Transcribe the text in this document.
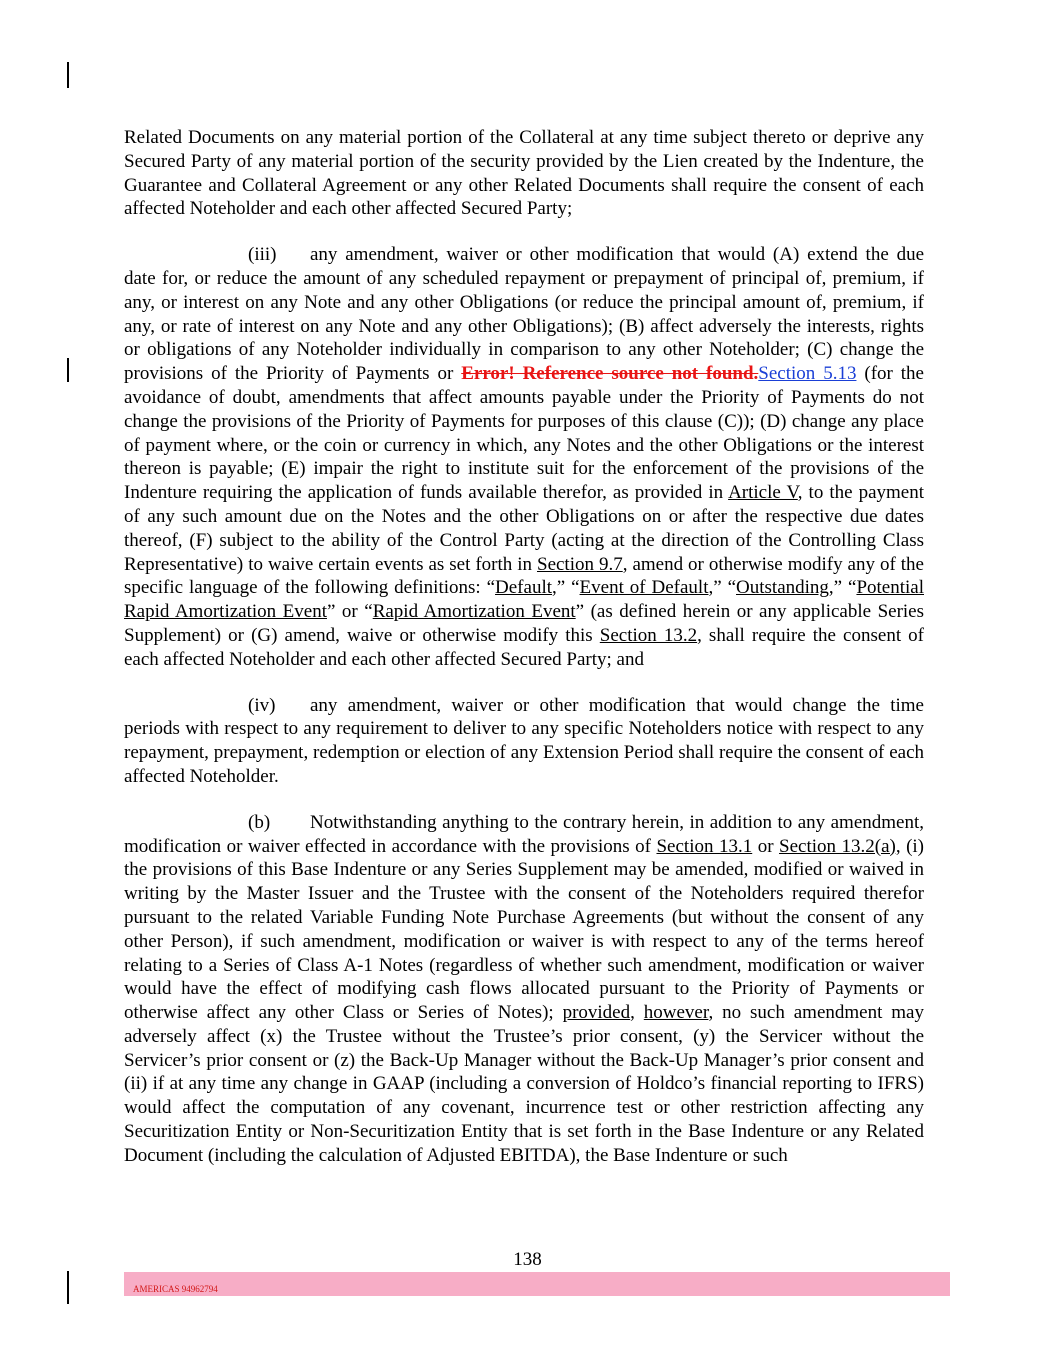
Related Documents on any material portion of the Collateral at any time subject thereto or deprive any Secured Party of any material portion of the security provided by the Lien created by the Indenture, the Guarantee and Collateral Agreement or any other Related Documents shall require the consent of each affected Noteholder and each other affected Secured Party;

(iii) any amendment, waiver or other modification that would (A) extend the due date for, or reduce the amount of any scheduled repayment or prepayment of principal of, premium, if any, or interest on any Note and any other Obligations (or reduce the principal amount of, premium, if any, or rate of interest on any Note and any other Obligations); (B) affect adversely the interests, rights or obligations of any Noteholder individually in comparison to any other Noteholder; (C) change the provisions of the Priority of Payments or Error! Reference source not found.Section 5.13 (for the avoidance of doubt, amendments that affect amounts payable under the Priority of Payments do not change the provisions of the Priority of Payments for purposes of this clause (C)); (D) change any place of payment where, or the coin or currency in which, any Notes and the other Obligations or the interest thereon is payable; (E) impair the right to institute suit for the enforcement of the provisions of the Indenture requiring the application of funds available therefor, as provided in Article V, to the payment of any such amount due on the Notes and the other Obligations on or after the respective due dates thereof, (F) subject to the ability of the Control Party (acting at the direction of the Controlling Class Representative) to waive certain events as set forth in Section 9.7, amend or otherwise modify any of the specific language of the following definitions: “Default,” “Event of Default,” “Outstanding,” “Potential Rapid Amortization Event” or “Rapid Amortization Event” (as defined herein or any applicable Series Supplement) or (G) amend, waive or otherwise modify this Section 13.2, shall require the consent of each affected Noteholder and each other affected Secured Party; and

(iv) any amendment, waiver or other modification that would change the time periods with respect to any requirement to deliver to any specific Noteholders notice with respect to any repayment, prepayment, redemption or election of any Extension Period shall require the consent of each affected Noteholder.

(b) Notwithstanding anything to the contrary herein, in addition to any amendment, modification or waiver effected in accordance with the provisions of Section 13.1 or Section 13.2(a), (i) the provisions of this Base Indenture or any Series Supplement may be amended, modified or waived in writing by the Master Issuer and the Trustee with the consent of the Noteholders required therefor pursuant to the related Variable Funding Note Purchase Agreements (but without the consent of any other Person), if such amendment, modification or waiver is with respect to any of the terms hereof relating to a Series of Class A-1 Notes (regardless of whether such amendment, modification or waiver would have the effect of modifying cash flows allocated pursuant to the Priority of Payments or otherwise affect any other Class or Series of Notes); provided, however, no such amendment may adversely affect (x) the Trustee without the Trustee’s prior consent, (y) the Servicer without the Servicer’s prior consent or (z) the Back-Up Manager without the Back-Up Manager’s prior consent and (ii) if at any time any change in GAAP (including a conversion of Holdco’s financial reporting to IFRS) would affect the computation of any covenant, incurrence test or other restriction affecting any Securitization Entity or Non-Securitization Entity that is set forth in the Base Indenture or any Related Document (including the calculation of Adjusted EBITDA), the Base Indenture or such

138
AMERICAS 94962794
